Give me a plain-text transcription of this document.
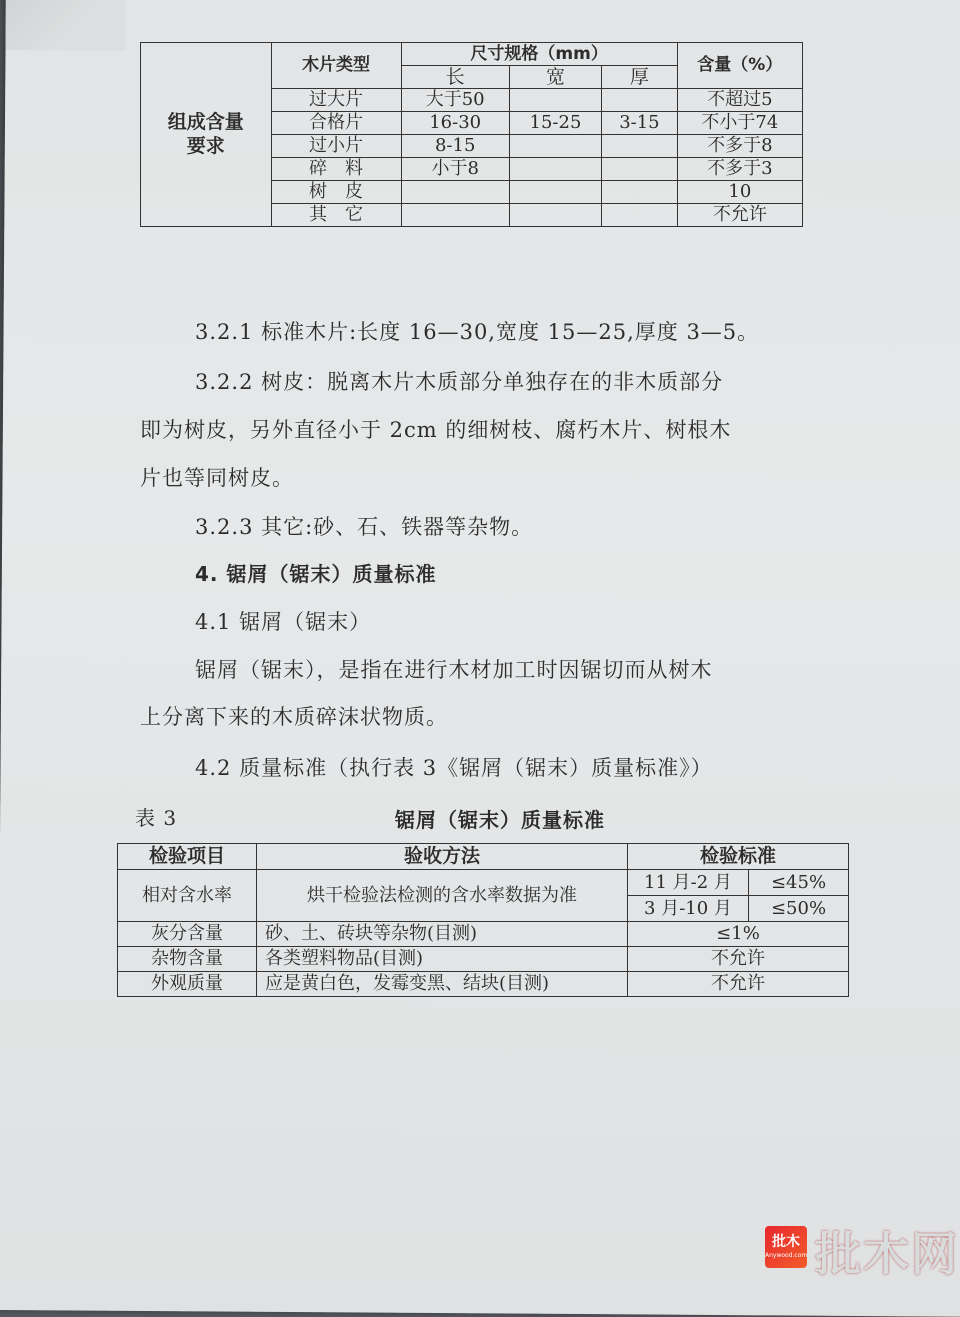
组成含量要求	木片类型	尺寸规格（mm）			含量（%）
		长	宽	厚	
	过大片	大于50			不超过5
	合格片	16-30	15-25	3-15	不小于74
	过小片	8-15			不多于8
	碎　料	小于8			不多于3
	树　皮				10
	其　它				不允许
3.2.1 标准木片:长度 16—30,宽度 15—25,厚度 3—5。
3.2.2 树皮：脱离木片木质部分单独存在的非木质部分
即为树皮，另外直径小于 2cm 的细树枝、腐朽木片、树根木
片也等同树皮。
3.2.3 其它:砂、石、铁器等杂物。
4. 锯屑（锯末）质量标准
4.1 锯屑（锯末）
锯屑（锯末），是指在进行木材加工时因锯切而从树木
上分离下来的木质碎沫状物质。
4.2 质量标准（执行表 3《锯屑（锯末）质量标准》）
表 3	锯屑（锯末）质量标准
检验项目	验收方法	检验标准	
相对含水率	烘干检验法检测的含水率数据为准	11 月-2 月	≤45%
		3 月-10 月	≤50%
灰分含量	砂、土、砖块等杂物(目测)	≤1%	
杂物含量	各类塑料物品(目测)	不允许	
外观质量	应是黄白色，发霉变黑、结块(目测)	不允许	
批木
Anywood.com 批木网
